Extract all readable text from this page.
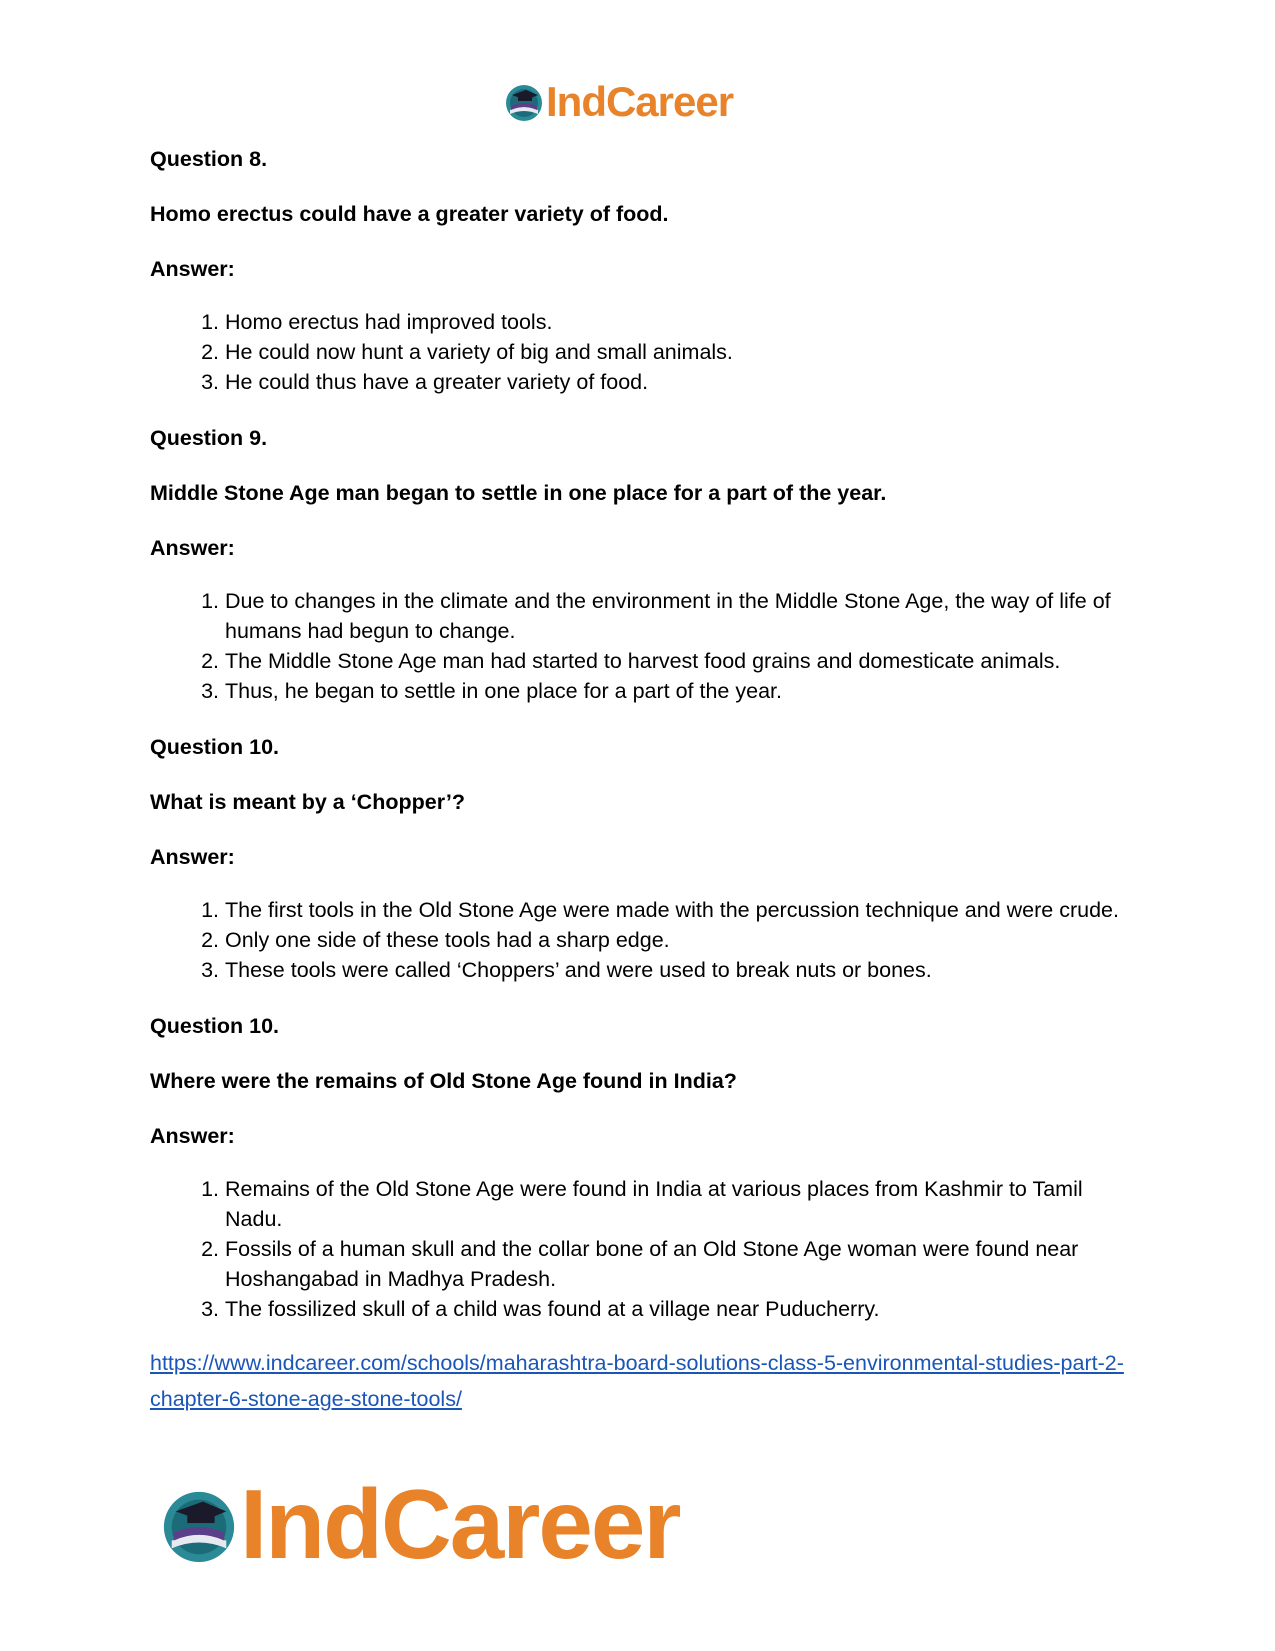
IndCareer

Question 8.

Homo erectus could have a greater variety of food.

Answer:

1. Homo erectus had improved tools.
2. He could now hunt a variety of big and small animals.
3. He could thus have a greater variety of food.

Question 9.

Middle Stone Age man began to settle in one place for a part of the year.

Answer:

1. Due to changes in the climate and the environment in the Middle Stone Age, the way of life of humans had begun to change.
2. The Middle Stone Age man had started to harvest food grains and domesticate animals.
3. Thus, he began to settle in one place for a part of the year.

Question 10.

What is meant by a ‘Chopper’?

Answer:

1. The first tools in the Old Stone Age were made with the percussion technique and were crude.
2. Only one side of these tools had a sharp edge.
3. These tools were called ‘Choppers’ and were used to break nuts or bones.

Question 10.

Where were the remains of Old Stone Age found in India?

Answer:

1. Remains of the Old Stone Age were found in India at various places from Kashmir to Tamil Nadu.
2. Fossils of a human skull and the collar bone of an Old Stone Age woman were found near Hoshangabad in Madhya Pradesh.
3. The fossilized skull of a child was found at a village near Puducherry.
https://www.indcareer.com/schools/maharashtra-board-solutions-class-5-environmental-studies-part-2-chapter-6-stone-age-stone-tools/
IndCareer
